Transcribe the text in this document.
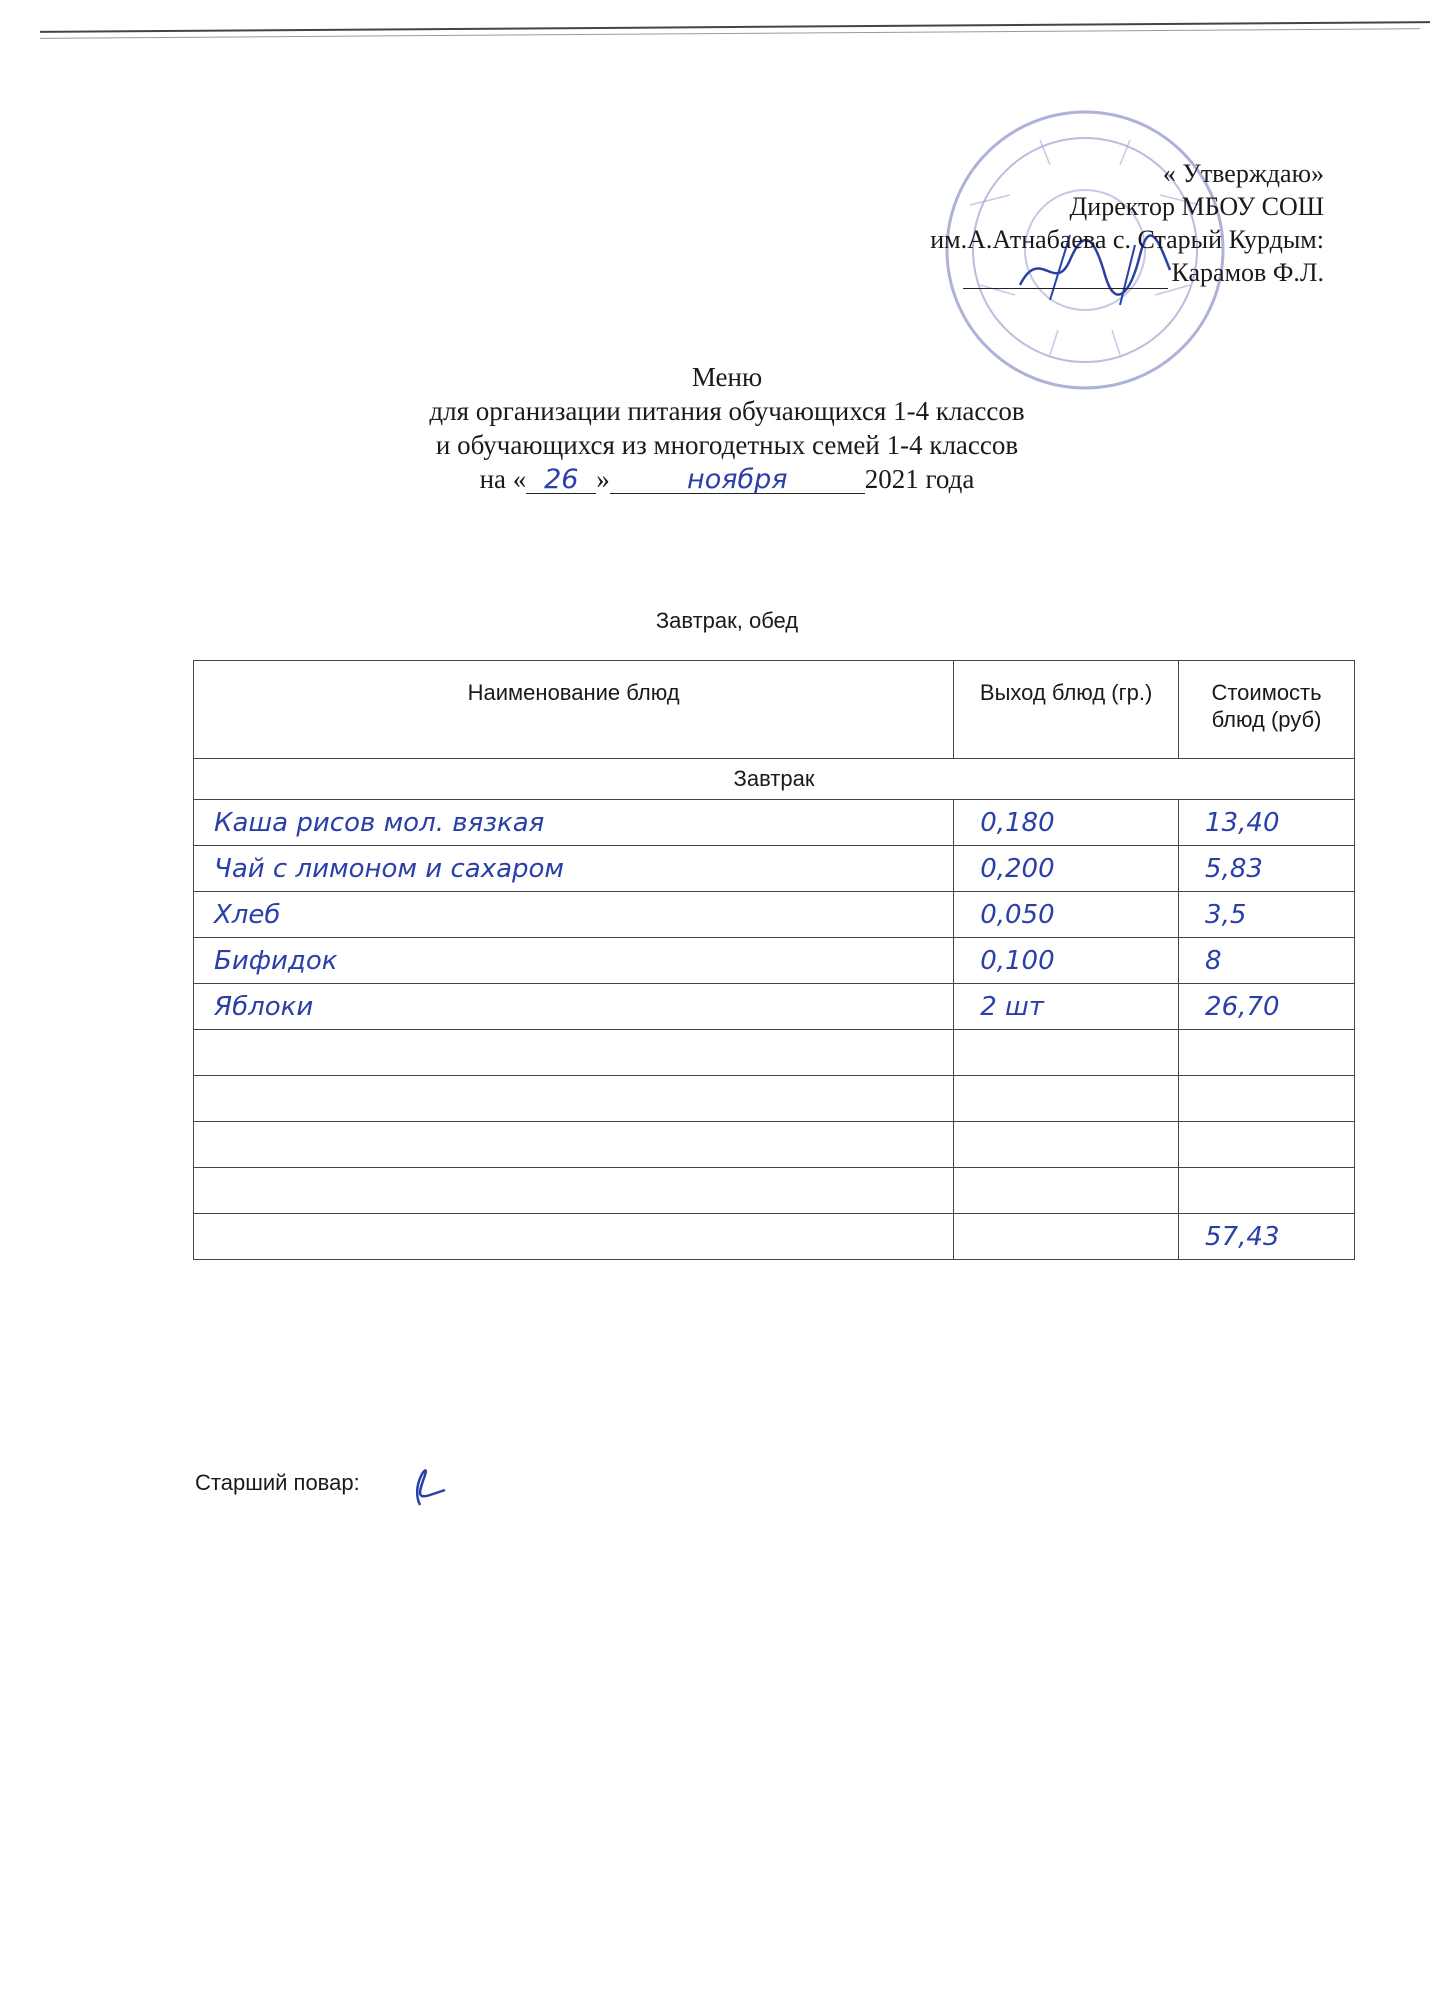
« Утверждаю»
Директор МБОУ СОШ
им.А.Атнабаева с. Старый Курдым:
Карамов Ф.Л.
Меню
для организации питания обучающихся 1-4 классов
и обучающихся из многодетных семей 1-4 классов
на « 26 »	ноября	2021 года
Завтрак, обед
Наименование блюд	Выход блюд (гр.)	Стоимость блюд (руб)
Завтрак		
Каша рисов мол. вязкая	0,180	13,40
Чай с лимоном и сахаром	0,200	5,83
Хлеб	0,050	3,5
Бифидок	0,100	8
Яблоки	2 шт	26,70

		57,43
Старший повар:
